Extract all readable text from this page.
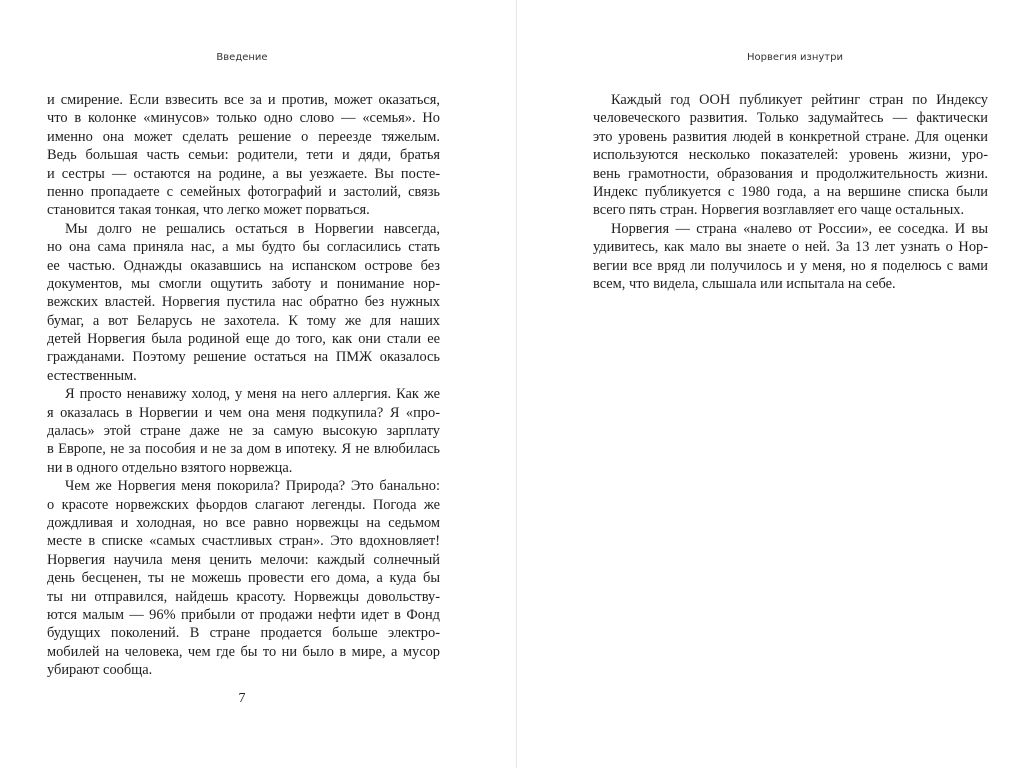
Введение
и смирение. Если взвесить все за и против, может оказаться,
что в колонке «минусов» только одно слово — «семья». Но
именно она может сделать решение о переезде тяжелым.
Ведь большая часть семьи: родители, тети и дяди, братья
и сестры — остаются на родине, а вы уезжаете. Вы посте-
пенно пропадаете с семейных фотографий и застолий, связь
становится такая тонкая, что легко может порваться.
Мы долго не решались остаться в Норвегии навсегда,
но она сама приняла нас, а мы будто бы согласились стать
ее частью. Однажды оказавшись на испанском острове без
документов, мы смогли ощутить заботу и понимание нор-
вежских властей. Норвегия пустила нас обратно без нужных
бумаг, а вот Беларусь не захотела. К тому же для наших
детей Норвегия была родиной еще до того, как они стали ее
гражданами. Поэтому решение остаться на ПМЖ оказалось
естественным.
Я просто ненавижу холод, у меня на него аллергия. Как же
я оказалась в Норвегии и чем она меня подкупила? Я «про-
далась» этой стране даже не за самую высокую зарплату
в Европе, не за пособия и не за дом в ипотеку. Я не влюбилась
ни в одного отдельно взятого норвежца.
Чем же Норвегия меня покорила? Природа? Это банально:
о красоте норвежских фьордов слагают легенды. Погода же
дождливая и холодная, но все равно норвежцы на седьмом
месте в списке «самых счастливых стран». Это вдохновляет!
Норвегия научила меня ценить мелочи: каждый солнечный
день бесценен, ты не можешь провести его дома, а куда бы
ты ни отправился, найдешь красоту. Норвежцы довольству-
ются малым — 96% прибыли от продажи нефти идет в Фонд
будущих поколений. В стране продается больше электро-
мобилей на человека, чем где бы то ни было в мире, а мусор
убирают сообща.
7
Норвегия изнутри
Каждый год ООН публикует рейтинг стран по Индексу
человеческого развития. Только задумайтесь — фактически
это уровень развития людей в конкретной стране. Для оценки
используются несколько показателей: уровень жизни, уро-
вень грамотности, образования и продолжительность жизни.
Индекс публикуется с 1980 года, а на вершине списка были
всего пять стран. Норвегия возглавляет его чаще остальных.
Норвегия — страна «налево от России», ее соседка. И вы
удивитесь, как мало вы знаете о ней. За 13 лет узнать о Нор-
вегии все вряд ли получилось и у меня, но я поделюсь с вами
всем, что видела, слышала или испытала на себе.
